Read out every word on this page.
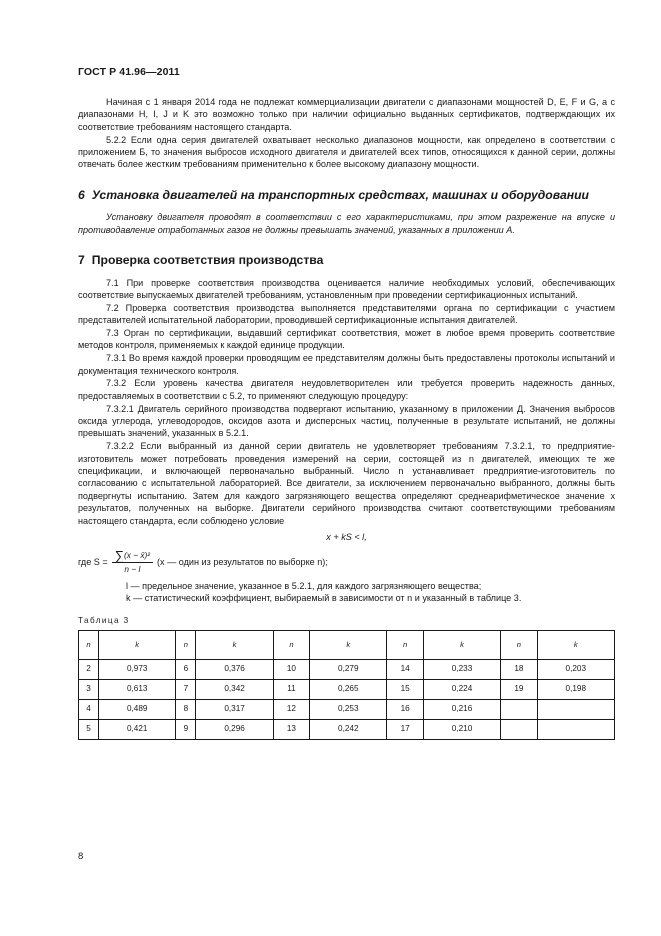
ГОСТ Р 41.96—2011

Начиная с 1 января 2014 года не подлежат коммерциализации двигатели с диапазонами мощностей D, E, F и G, а с диапазонами H, I, J и K это возможно только при наличии официально выданных сертификатов, подтверждающих их соответствие требованиям настоящего стандарта.

5.2.2 Если одна серия двигателей охватывает несколько диапазонов мощности, как определено в соответствии с приложением Б, то значения выбросов исходного двигателя и двигателей всех типов, относящихся к данной серии, должны отвечать более жестким требованиям применительно к более высокому диапазону мощности.

6 Установка двигателей на транспортных средствах, машинах и оборудовании

Установку двигателя проводят в соответствии с его характеристиками, при этом разрежение на впуске и противодавление отработанных газов не должны превышать значений, указанных в приложении А.

7 Проверка соответствия производства

7.1 При проверке соответствия производства оценивается наличие необходимых условий, обеспечивающих соответствие выпускаемых двигателей требованиям, установленным при проведении сертификационных испытаний.

7.2 Проверка соответствия производства выполняется представителями органа по сертификации с участием представителей испытательной лаборатории, проводившей сертификационные испытания двигателей.

7.3 Орган по сертификации, выдавший сертификат соответствия, может в любое время проверить соответствие методов контроля, применяемых к каждой единице продукции.

7.3.1 Во время каждой проверки проводящим ее представителям должны быть предоставлены протоколы испытаний и документация технического контроля.

7.3.2 Если уровень качества двигателя неудовлетворителен или требуется проверить надежность данных, предоставляемых в соответствии с 5.2, то применяют следующую процедуру:

7.3.2.1 Двигатель серийного производства подвергают испытанию, указанному в приложении Д. Значения выбросов оксида углерода, углеводородов, оксидов азота и дисперсных частиц, полученные в результате испытаний, не должны превышать значений, указанных в 5.2.1.

7.3.2.2 Если выбранный из данной серии двигатель не удовлетворяет требованиям 7.3.2.1, то предприятие-изготовитель может потребовать проведения измерений на серии, состоящей из n двигателей, имеющих те же спецификации, и включающей первоначально выбранный. Число n устанавливает предприятие-изготовитель по согласованию с испытательной лабораторией. Все двигатели, за исключением первоначально выбранного, должны быть подвергнуты испытанию. Затем для каждого загрязняющего вещества определяют среднеарифметическое значение x результатов, полученных на выборке. Двигатели серийного производства считают соответствующими требованиям настоящего стандарта, если соблюдено условие

x + kS < l,
где $S = \frac{\text{∑(x − x̄)²}}{n - l} (x$ — один из результатов по выборке n);

l — предельное значение, указанное в 5.2.1, для каждого загрязняющего вещества;

k — статистический коэффициент, выбираемый в зависимости от n и указанный в таблице 3.

Таблица 3
n	k	n	k	n	k	n	k	n	k
2	0,973	6	0,376	10	0,279	14	0,233	18	0,203
3	0,613	7	0,342	11	0,265	15	0,224	19	0,198
4	0,489	8	0,317	12	0,253	16	0,216		
5	0,421	9	0,296	13	0,242	17	0,210		
8
